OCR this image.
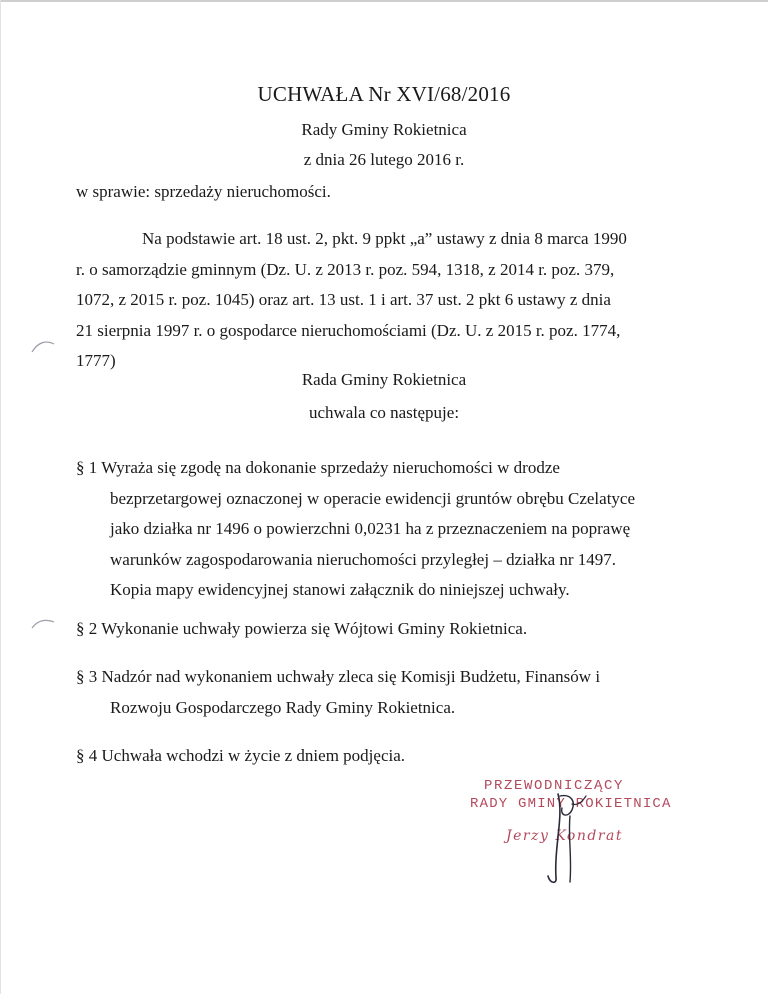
UCHWAŁA Nr XVI/68/2016
Rady Gminy Rokietnica
z dnia 26 lutego 2016 r.
w sprawie: sprzedaży nieruchomości.
Na podstawie art. 18 ust. 2, pkt. 9 ppkt „a” ustawy z dnia 8 marca 1990
r. o samorządzie gminnym (Dz. U. z 2013 r. poz. 594, 1318, z 2014 r. poz. 379,
1072, z 2015 r. poz. 1045) oraz art. 13 ust. 1 i art. 37 ust. 2 pkt 6 ustawy z dnia
21 sierpnia 1997 r. o gospodarce nieruchomościami (Dz. U. z 2015 r. poz. 1774,
1777)
Rada Gminy Rokietnica
uchwala co następuje:
§ 1 Wyraża się zgodę na dokonanie sprzedaży nieruchomości w drodze
bezprzetargowej oznaczonej w operacie ewidencji gruntów obrębu Czelatyce
jako działka nr 1496 o powierzchni 0,0231 ha z przeznaczeniem na poprawę
warunków zagospodarowania nieruchomości przyległej – działka nr 1497.
Kopia mapy ewidencyjnej stanowi załącznik do niniejszej uchwały.
§ 2 Wykonanie uchwały powierza się Wójtowi Gminy Rokietnica.
§ 3 Nadzór nad wykonaniem uchwały zleca się Komisji Budżetu, Finansów i
Rozwoju Gospodarczego Rady Gminy Rokietnica.
§ 4 Uchwała wchodzi w życie z dniem podjęcia.
PRZEWODNICZĄCY
RADY GMINY ROKIETNICA
Jerzy Kondrat
